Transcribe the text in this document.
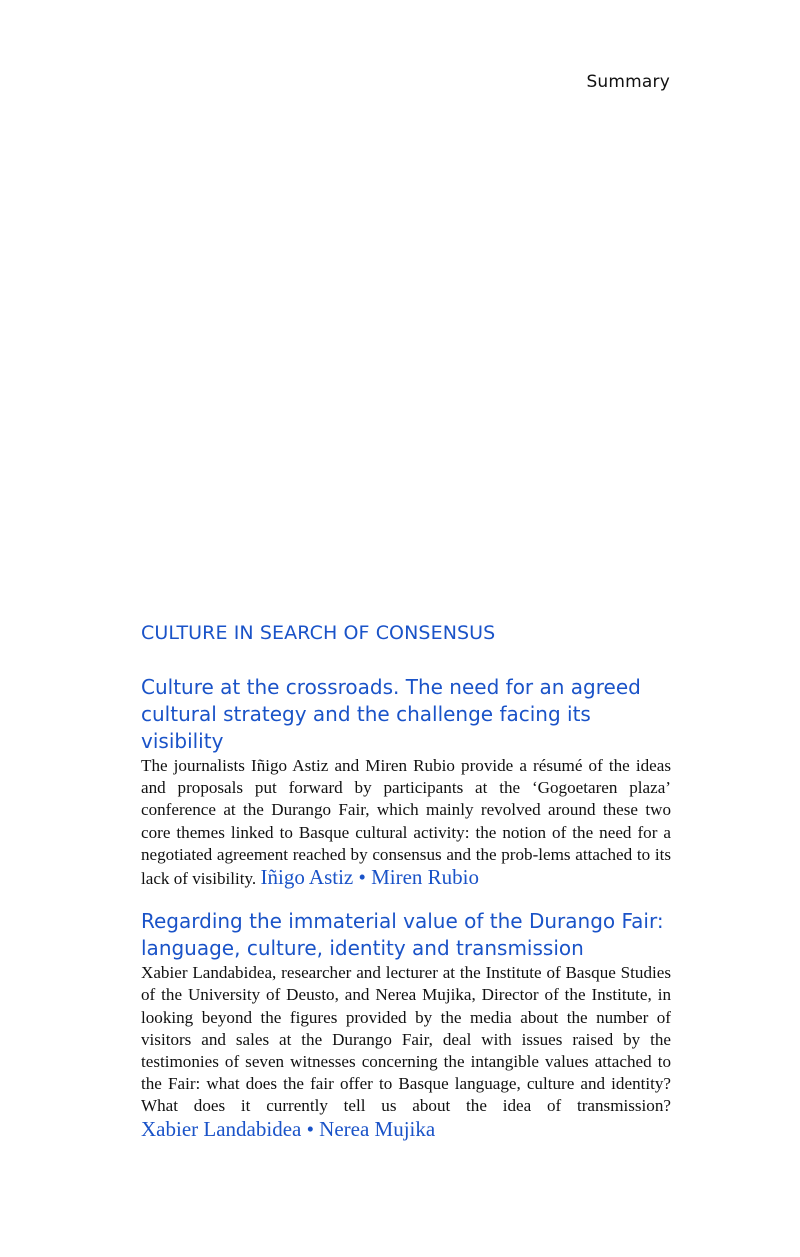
Summary
CULTURE IN SEARCH OF CONSENSUS
Culture at the crossroads. The need for an agreed cultural strategy and the challenge facing its visibility

The journalists Iñigo Astiz and Miren Rubio provide a résumé of the ideas and proposals put forward by participants at the ‘Gogoetaren plaza’ conference at the Durango Fair, which mainly revolved around these two core themes linked to Basque cultural activity: the notion of the need for a negotiated agreement reached by consensus and the prob-lems attached to its lack of visibility. Iñigo Astiz • Miren Rubio

Regarding the immaterial value of the Durango Fair: language, culture, identity and transmission

Xabier Landabidea, researcher and lecturer at the Institute of Basque Studies of the University of Deusto, and Nerea Mujika, Director of the Institute, in looking beyond the figures provided by the media about the number of visitors and sales at the Durango Fair, deal with issues raised by the testimonies of seven witnesses concerning the intangible values attached to the Fair: what does the fair offer to Basque language, culture and identity? What does it currently tell us about the idea of transmission? Xabier Landabidea • Nerea Mujika
